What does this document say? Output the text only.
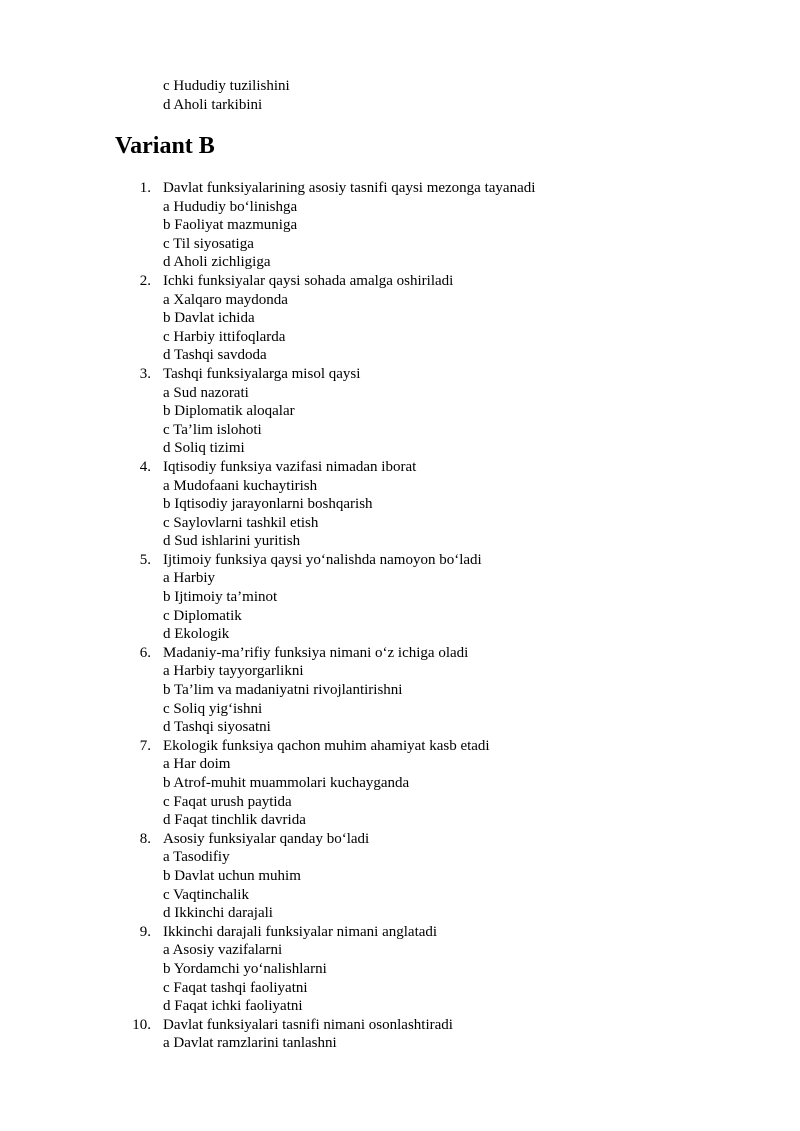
c Hududiy tuzilishini
d Aholi tarkibini
Variant B
1. Davlat funksiyalarining asosiy tasnifi qaysi mezonga tayanadi
a Hududiy bo‘linishga
b Faoliyat mazmuniga
c Til siyosatiga
d Aholi zichligiga
2. Ichki funksiyalar qaysi sohada amalga oshiriladi
a Xalqaro maydonda
b Davlat ichida
c Harbiy ittifoqlarda
d Tashqi savdoda
3. Tashqi funksiyalarga misol qaysi
a Sud nazorati
b Diplomatik aloqalar
c Ta’lim islohoti
d Soliq tizimi
4. Iqtisodiy funksiya vazifasi nimadan iborat
a Mudofaani kuchaytirish
b Iqtisodiy jarayonlarni boshqarish
c Saylovlarni tashkil etish
d Sud ishlarini yuritish
5. Ijtimoiy funksiya qaysi yo‘nalishda namoyon bo‘ladi
a Harbiy
b Ijtimoiy ta’minot
c Diplomatik
d Ekologik
6. Madaniy-ma’rifiy funksiya nimani o‘z ichiga oladi
a Harbiy tayyorgarlikni
b Ta’lim va madaniyatni rivojlantirishni
c Soliq yig‘ishni
d Tashqi siyosatni
7. Ekologik funksiya qachon muhim ahamiyat kasb etadi
a Har doim
b Atrof-muhit muammolari kuchayganda
c Faqat urush paytida
d Faqat tinchlik davrida
8. Asosiy funksiyalar qanday bo‘ladi
a Tasodifiy
b Davlat uchun muhim
c Vaqtinchalik
d Ikkinchi darajali
9. Ikkinchi darajali funksiyalar nimani anglatadi
a Asosiy vazifalarni
b Yordamchi yo‘nalishlarni
c Faqat tashqi faoliyatni
d Faqat ichki faoliyatni
10. Davlat funksiyalari tasnifi nimani osonlashtiradi
a Davlat ramzlarini tanlashni
